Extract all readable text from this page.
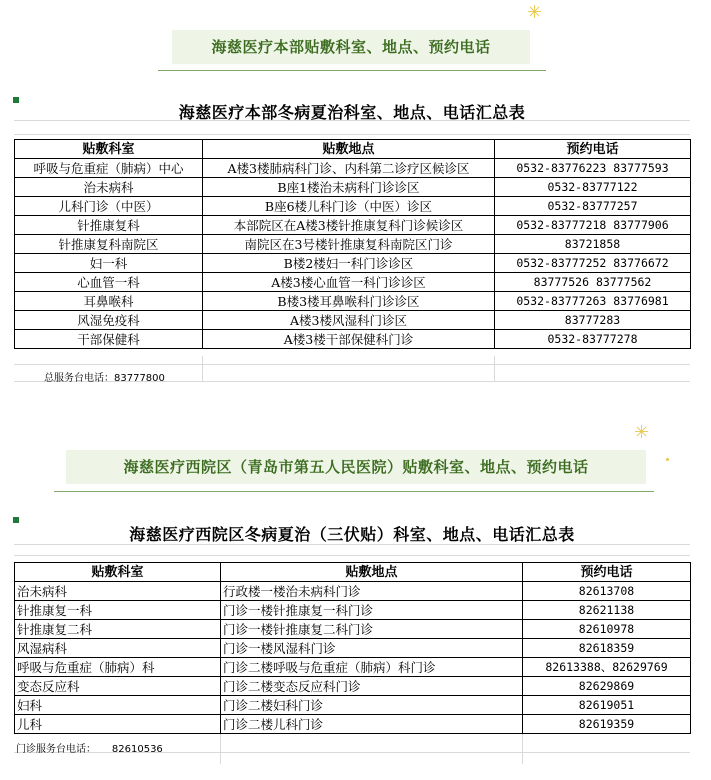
✳
海慈医疗本部贴敷科室、地点、预约电话
海慈医疗本部冬病夏治科室、地点、电话汇总表
贴敷科室	贴敷地点	预约电话
呼吸与危重症（肺病）中心	A楼3楼肺病科门诊、内科第二诊疗区候诊区	0532-83776223 83777593
治未病科	B座1楼治未病科门诊诊区	0532-83777122
儿科门诊（中医）	B座6楼儿科门诊（中医）诊区	0532-83777257
针推康复科	本部院区在A楼3楼针推康复科门诊候诊区	0532-83777218 83777906
针推康复科南院区	南院区在3号楼针推康复科南院区门诊	83721858
妇一科	B楼2楼妇一科门诊诊区	0532-83777252 83776672
心血管一科	A楼3楼心血管一科门诊诊区	83777526 83777562
耳鼻喉科	B楼3楼耳鼻喉科门诊诊区	0532-83777263 83776981
风湿免疫科	A楼3楼风湿科门诊区	83777283
干部保健科	A楼3楼干部保健科门诊	0532-83777278
总服务台电话：83777800
✳
海慈医疗西院区（青岛市第五人民医院）贴敷科室、地点、预约电话
海慈医疗西院区冬病夏治（三伏贴）科室、地点、电话汇总表
贴敷科室	贴敷地点	预约电话
治未病科	行政楼一楼治未病科门诊	82613708
针推康复一科	门诊一楼针推康复一科门诊	82621138
针推康复二科	门诊一楼针推康复二科门诊	82610978
风湿病科	门诊一楼风湿科门诊	82618359
呼吸与危重症（肺病）科	门诊二楼呼吸与危重症（肺病）科门诊	82613388、82629769
变态反应科	门诊二楼变态反应科门诊	82629869
妇科	门诊二楼妇科门诊	82619051
儿科	门诊二楼儿科门诊	82619359
门诊服务台电话：     82610536
